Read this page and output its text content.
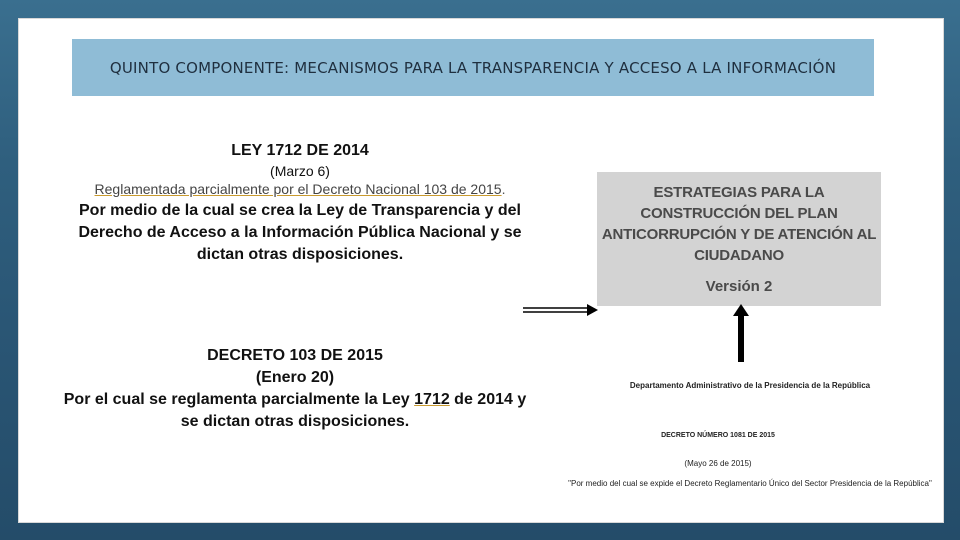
QUINTO COMPONENTE: MECANISMOS PARA LA TRANSPARENCIA Y ACCESO A LA INFORMACIÓN

LEY 1712 DE 2014

(Marzo 6)

Reglamentada parcialmente por el Decreto Nacional 103 de 2015.

Por medio de la cual se crea la Ley de Transparencia y del Derecho de Acceso a la Información Pública Nacional y se dictan otras disposiciones.

DECRETO 103 DE 2015

(Enero 20)

Por el cual se reglamenta parcialmente la Ley 1712 de 2014 y se dictan otras disposiciones.

ESTRATEGIAS PARA LA CONSTRUCCIÓN DEL PLAN ANTICORRUPCIÓN Y DE ATENCIÓN AL CIUDADANO
Versión 2
Departamento Administrativo de la Presidencia de la República
DECRETO NÚMERO 1081 DE 2015
(Mayo 26 de 2015)
"Por medio del cual se expide el Decreto Reglamentario Único del Sector Presidencia de la República"
